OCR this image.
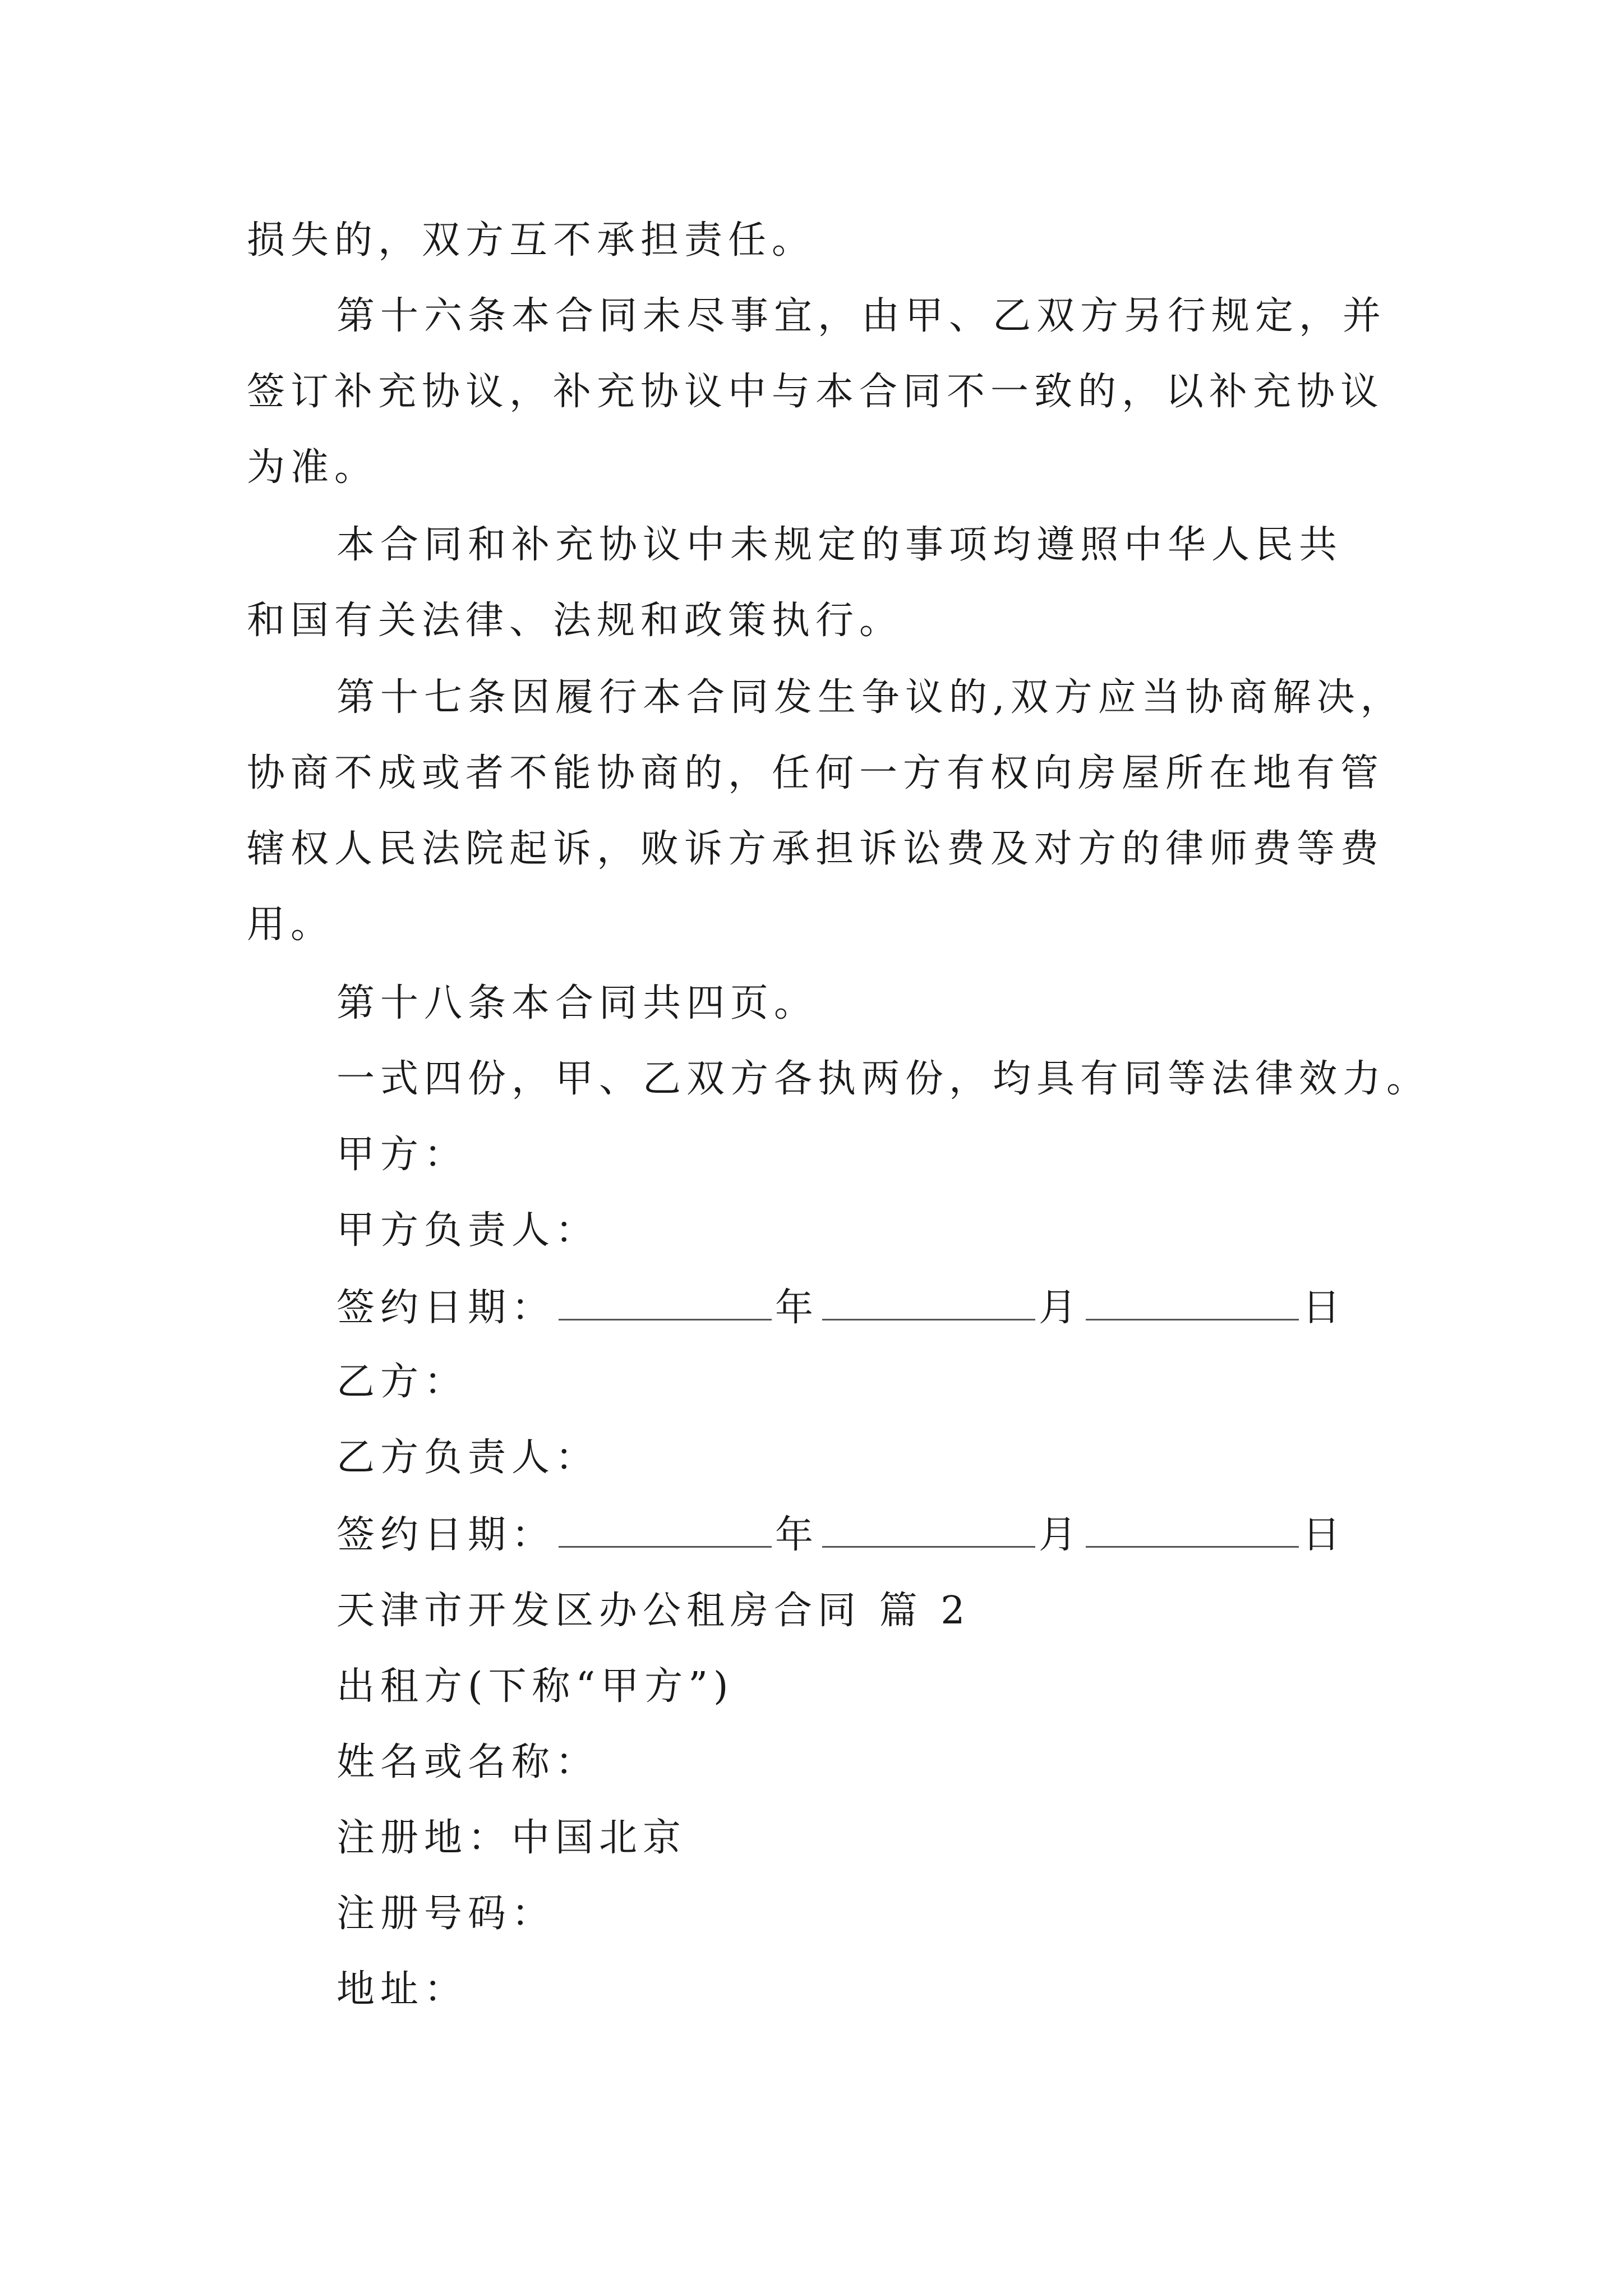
损失的，双方互不承担责任。
第十六条本合同未尽事宜，由甲、乙双方另行规定，并
签订补充协议，补充协议中与本合同不一致的，以补充协议
为准。
本合同和补充协议中未规定的事项均遵照中华人民共
和国有关法律、法规和政策执行。
第十七条因履行本合同发生争议的,双方应当协商解决，
协商不成或者不能协商的，任何一方有权向房屋所在地有管
辖权人民法院起诉，败诉方承担诉讼费及对方的律师费等费
用。
第十八条本合同共四页。
一式四份，甲、乙双方各执两份，均具有同等法律效力。
甲方：
甲方负责人：
签约日期：	年	月	日
乙方：
乙方负责人：
签约日期：	年	月	日
天津市开发区办公租房合同 篇 2
出租方(下称“甲方”)
姓名或名称：
注册地：中国北京
注册号码：
地址：
